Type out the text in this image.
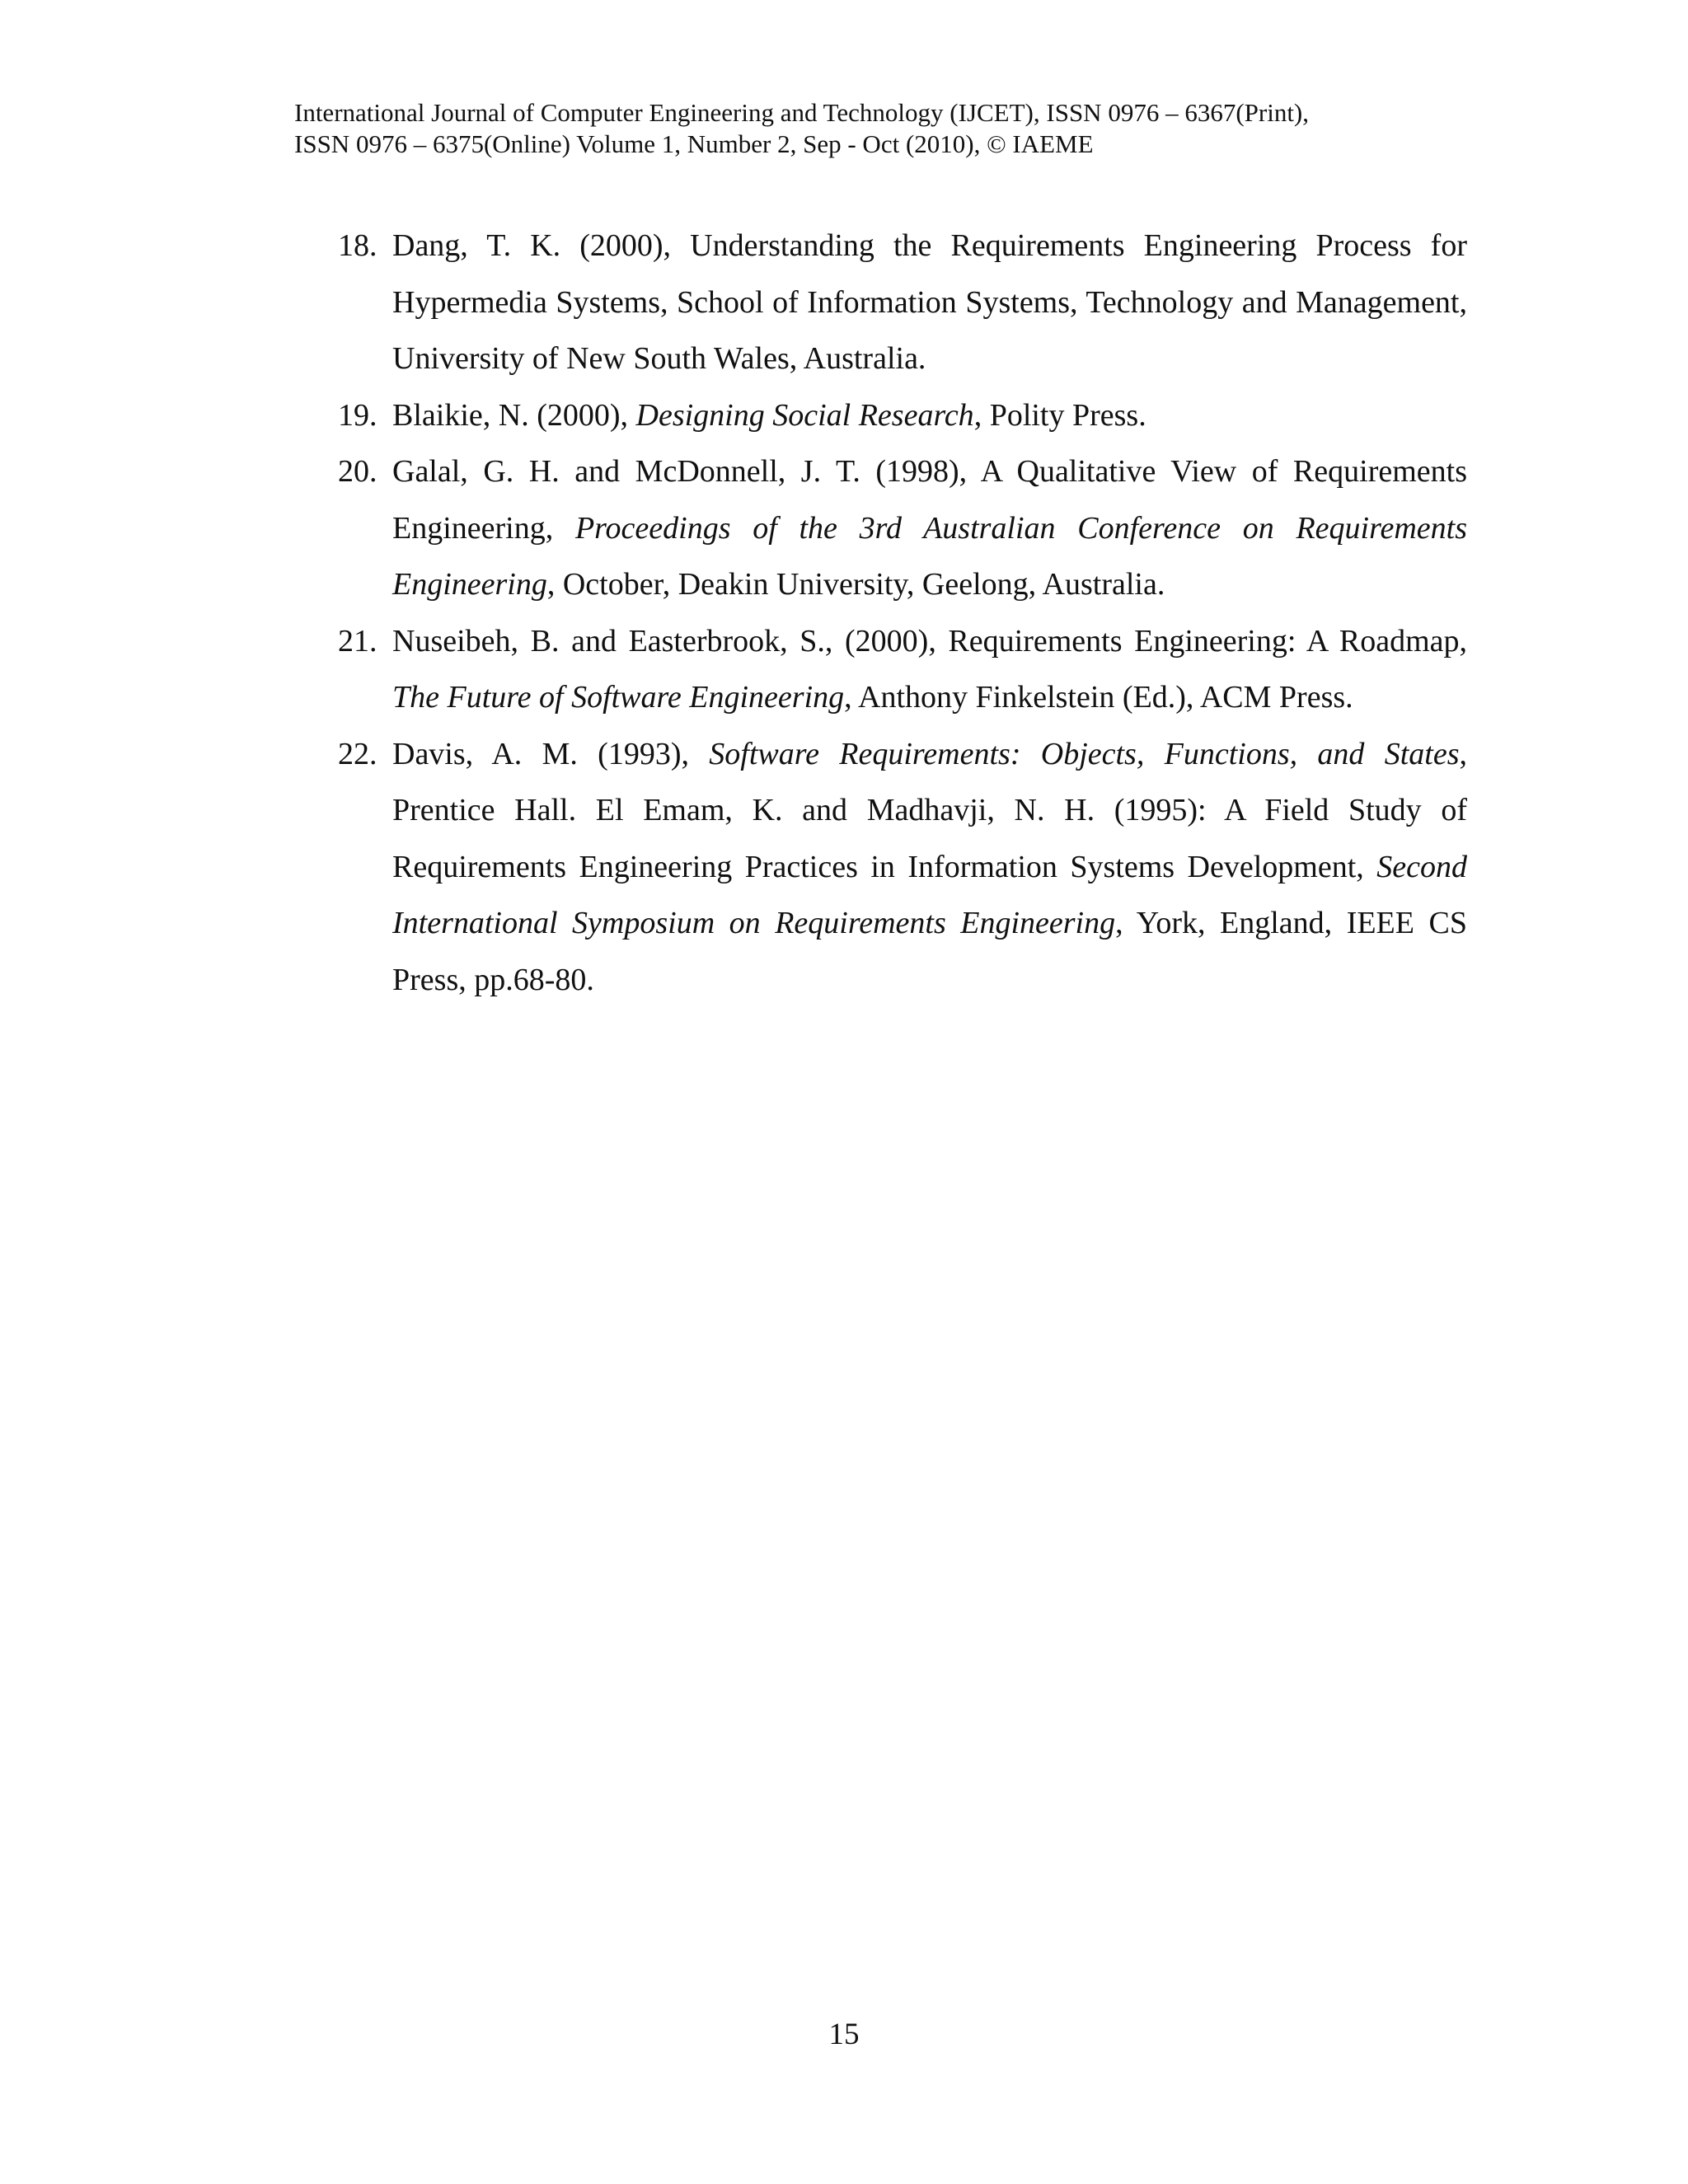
International Journal of Computer Engineering and Technology (IJCET), ISSN 0976 – 6367(Print),
ISSN 0976 – 6375(Online) Volume 1, Number 2, Sep - Oct (2010), © IAEME
18. Dang, T. K. (2000), Understanding the Requirements Engineering Process for Hypermedia Systems, School of Information Systems, Technology and Management, University of New South Wales, Australia.
19. Blaikie, N. (2000), Designing Social Research, Polity Press.
20. Galal, G. H. and McDonnell, J. T. (1998), A Qualitative View of Requirements Engineering, Proceedings of the 3rd Australian Conference on Requirements Engineering, October, Deakin University, Geelong, Australia.
21. Nuseibeh, B. and Easterbrook, S., (2000), Requirements Engineering: A Roadmap, The Future of Software Engineering, Anthony Finkelstein (Ed.), ACM Press.
22. Davis, A. M. (1993), Software Requirements: Objects, Functions, and States, Prentice Hall. El Emam, K. and Madhavji, N. H. (1995): A Field Study of Requirements Engineering Practices in Information Systems Development, Second International Symposium on Requirements Engineering, York, England, IEEE CS Press, pp.68-80.
15
